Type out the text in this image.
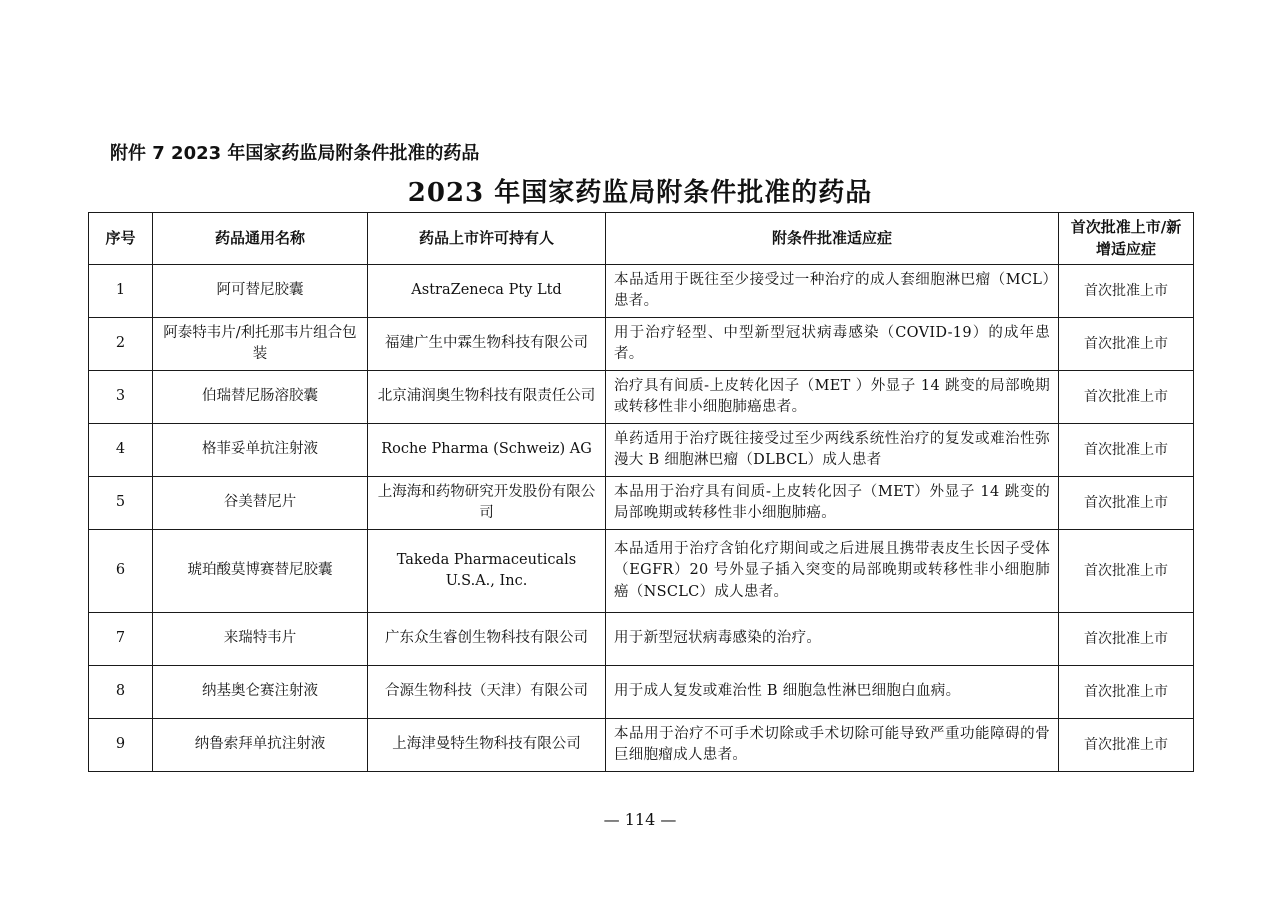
附件 7 2023 年国家药监局附条件批准的药品
2023 年国家药监局附条件批准的药品
序号	药品通用名称	药品上市许可持有人	附条件批准适应症	首次批准上市/新增适应症
1	阿可替尼胶囊	AstraZeneca Pty Ltd	本品适用于既往至少接受过一种治疗的成人套细胞淋巴瘤（MCL）患者。	首次批准上市
2	阿泰特韦片/利托那韦片组合包装	福建广生中霖生物科技有限公司	用于治疗轻型、中型新型冠状病毒感染（COVID-19）的成年患者。	首次批准上市
3	伯瑞替尼肠溶胶囊	北京浦润奥生物科技有限责任公司	治疗具有间质-上皮转化因子（MET ）外显子 14 跳变的局部晚期或转移性非小细胞肺癌患者。	首次批准上市
4	格菲妥单抗注射液	Roche Pharma (Schweiz) AG	单药适用于治疗既往接受过至少两线系统性治疗的复发或难治性弥漫大 B 细胞淋巴瘤（DLBCL）成人患者	首次批准上市
5	谷美替尼片	上海海和药物研究开发股份有限公司	本品用于治疗具有间质-上皮转化因子（MET）外显子 14 跳变的局部晚期或转移性非小细胞肺癌。	首次批准上市
6	琥珀酸莫博赛替尼胶囊	Takeda Pharmaceuticals U.S.A., Inc.	本品适用于治疗含铂化疗期间或之后进展且携带表皮生长因子受体（EGFR）20 号外显子插入突变的局部晚期或转移性非小细胞肺癌（NSCLC）成人患者。	首次批准上市
7	来瑞特韦片	广东众生睿创生物科技有限公司	用于新型冠状病毒感染的治疗。	首次批准上市
8	纳基奥仑赛注射液	合源生物科技（天津）有限公司	用于成人复发或难治性 B 细胞急性淋巴细胞白血病。	首次批准上市
9	纳鲁索拜单抗注射液	上海津曼特生物科技有限公司	本品用于治疗不可手术切除或手术切除可能导致严重功能障碍的骨巨细胞瘤成人患者。	首次批准上市
— 114 —
